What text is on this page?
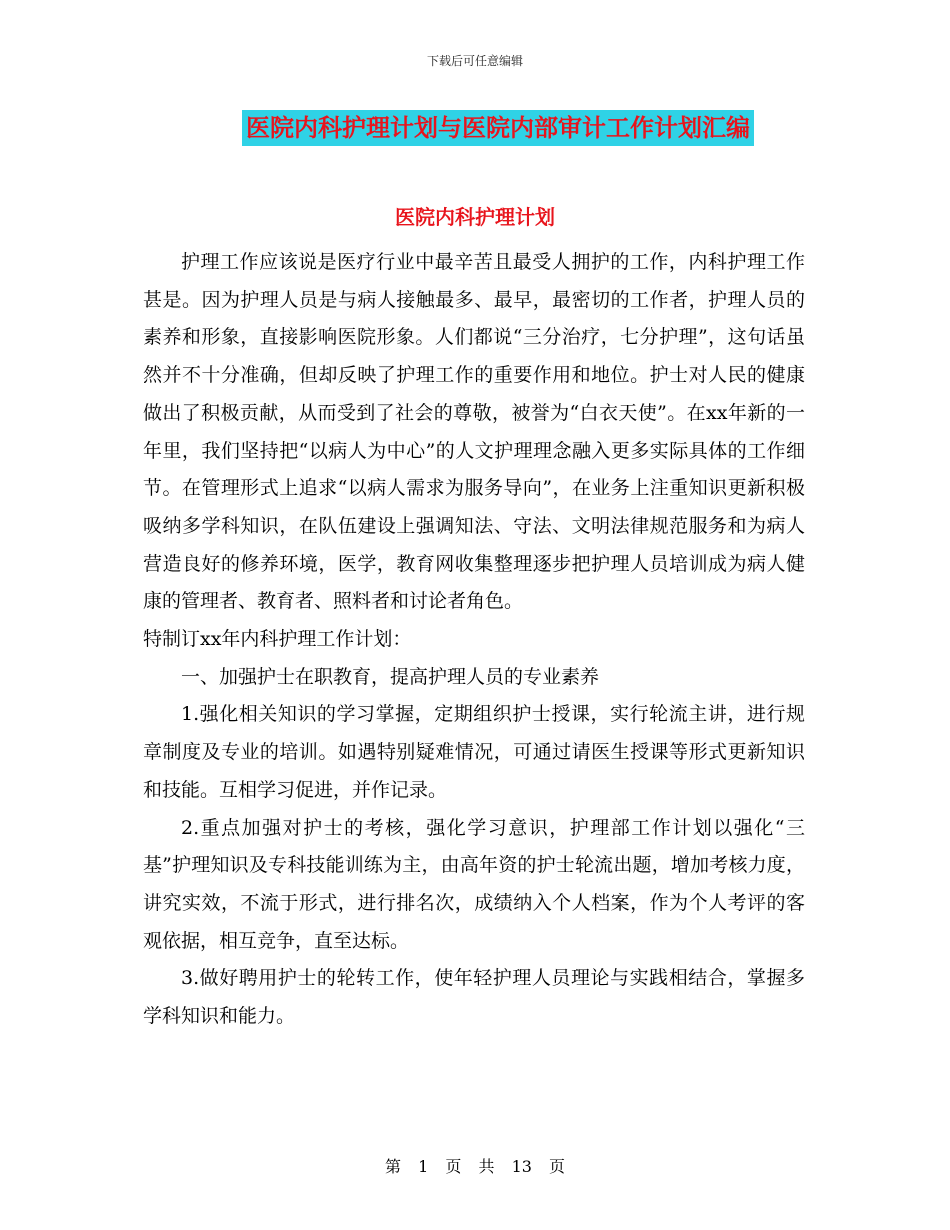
下载后可任意编辑
医院内科护理计划与医院内部审计工作计划汇编
医院内科护理计划

护理工作应该说是医疗行业中最辛苦且最受人拥护的工作，内科护理工作甚是。因为护理人员是与病人接触最多、最早，最密切的工作者，护理人员的素养和形象，直接影响医院形象。人们都说“三分治疗，七分护理”，这句话虽然并不十分准确，但却反映了护理工作的重要作用和地位。护士对人民的健康做出了积极贡献，从而受到了社会的尊敬，被誉为“白衣天使”。在xx年新的一年里，我们坚持把“以病人为中心”的人文护理理念融入更多实际具体的工作细节。在管理形式上追求“以病人需求为服务导向”，在业务上注重知识更新积极吸纳多学科知识，在队伍建设上强调知法、守法、文明法律规范服务和为病人营造良好的修养环境，医学，教育网收集整理逐步把护理人员培训成为病人健康的管理者、教育者、照料者和讨论者角色。

特制订xx年内科护理工作计划：

一、加强护士在职教育，提高护理人员的专业素养

1.强化相关知识的学习掌握，定期组织护士授课，实行轮流主讲，进行规章制度及专业的培训。如遇特别疑难情况，可通过请医生授课等形式更新知识和技能。互相学习促进，并作记录。

2.重点加强对护士的考核，强化学习意识，护理部工作计划以强化“三基”护理知识及专科技能训练为主，由高年资的护士轮流出题，增加考核力度，讲究实效，不流于形式，进行排名次，成绩纳入个人档案，作为个人考评的客观依据，相互竞争，直至达标。

3.做好聘用护士的轮转工作，使年轻护理人员理论与实践相结合，掌握多学科知识和能力。

第 1 页 共 13 页
